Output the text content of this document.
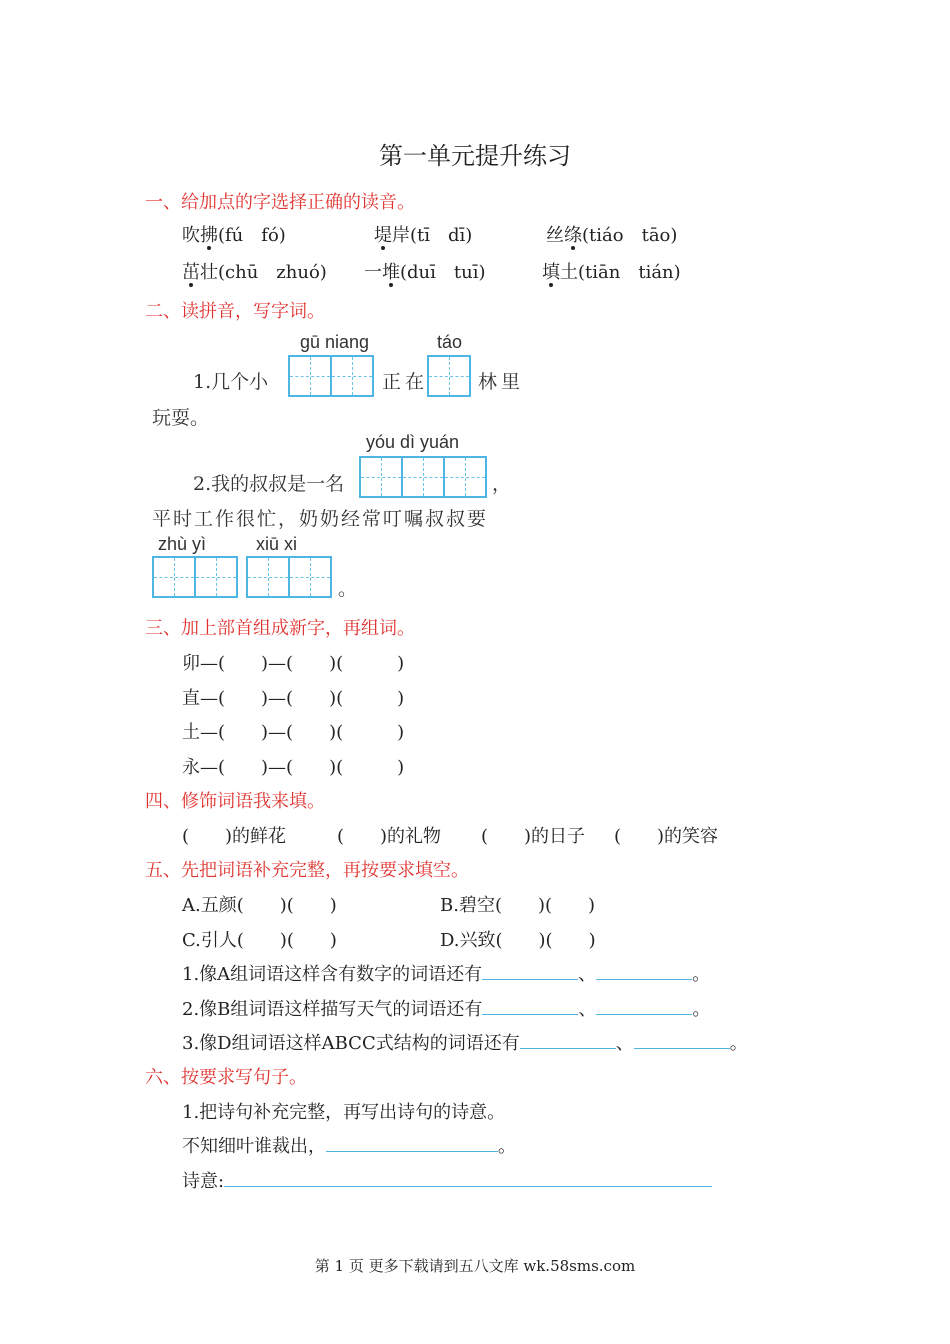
第一单元提升练习
一、给加点的字选择正确的读音。
吹拂(fú　fó)	堤岸(tī　dī)	丝绦(tiáo　tāo)
茁壮(chū　zhuó) 一堆(duī　tuī)	填土(tiān　tián)
二、读拼音，写字词。
gū niang	táo
1.几个小	正在	林里
玩耍。
yóu dì yuán
2.我的叔叔是一名	，
平时工作很忙，奶奶经常叮嘱叔叔要
zhù yì	xiū xi
。
三、加上部首组成新字，再组词。
卯—(　　)—(　　)(　　　)
直—(　　)—(　　)(　　　)
土—(　　)—(　　)(　　　)
永—(　　)—(　　)(　　　)
四、修饰词语我来填。
(　　)的鲜花	(　　)的礼物 (　　)的日子 (　　)的笑容
五、先把词语补充完整，再按要求填空。
A.五颜(　　)(　　)	B.碧空(　　)(　　)
C.引人(　　)(　　)	D.兴致(　　)(　　)
1.像A组词语这样含有数字的词语还有	、	。
2.像B组词语这样描写天气的词语还有	、	。
3.像D组词语这样ABCC式结构的词语还有	、	。
六、按要求写句子。
1.把诗句补充完整，再写出诗句的诗意。
不知细叶谁裁出，	。
诗意:
第 1 页 更多下载请到五八文库 wk.58sms.com
